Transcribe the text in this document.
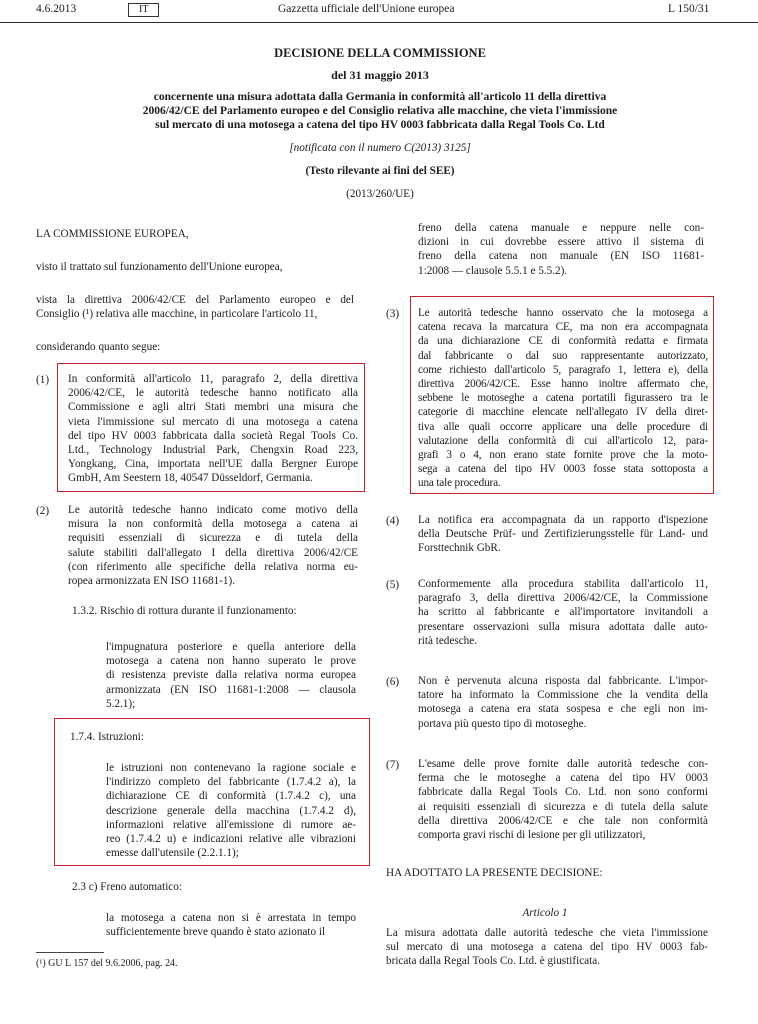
4.6.2013	IT	Gazzetta ufficiale dell'Unione europea	L 150/31
DECISIONE DELLA COMMISSIONE
del 31 maggio 2013
concernente una misura adottata dalla Germania in conformità all'articolo 11 della direttiva
2006/42/CE del Parlamento europeo e del Consiglio relativa alle macchine, che vieta l'immissione
sul mercato di una motosega a catena del tipo HV 0003 fabbricata dalla Regal Tools Co. Ltd
[notificata con il numero C(2013) 3125]
(Testo rilevante ai fini del SEE)
(2013/260/UE)
LA COMMISSIONE EUROPEA,
visto il trattato sul funzionamento dell'Unione europea,
vista la direttiva 2006/42/CE del Parlamento europeo e del
Consiglio (¹) relativa alle macchine, in particolare l'articolo 11,
considerando quanto segue:
(1) In conformità all'articolo 11, paragrafo 2, della direttiva
2006/42/CE, le autorità tedesche hanno notificato alla
Commissione e agli altri Stati membri una misura che
vieta l'immissione sul mercato di una motosega a catena
del tipo HV 0003 fabbricata dalla società Regal Tools Co.
Ltd., Technology Industrial Park, Chengxin Road 223,
Yongkang, Cina, importata nell'UE dalla Bergner Europe
GmbH, Am Seestern 18, 40547 Düsseldorf, Germania.
(2) Le autorità tedesche hanno indicato come motivo della
misura la non conformità della motosega a catena ai
requisiti essenziali di sicurezza e di tutela della
salute stabiliti dall'allegato I della direttiva 2006/42/CE
(con riferimento alle specifiche della relativa norma eu-
ropea armonizzata EN ISO 11681-1).
1.3.2. Rischio di rottura durante il funzionamento:
l'impugnatura posteriore e quella anteriore della
motosega a catena non hanno superato le prove
di resistenza previste dalla relativa norma europea
armonizzata (EN ISO 11681-1:2008 — clausola
5.2.1);
1.7.4. Istruzioni:
le istruzioni non contenevano la ragione sociale e
l'indirizzo completo del fabbricante (1.7.4.2 a), la
dichiarazione CE di conformità (1.7.4.2 c), una
descrizione generale della macchina (1.7.4.2 d),
informazioni relative all'emissione di rumore ae-
reo (1.7.4.2 u) e indicazioni relative alle vibrazioni
emesse dall'utensile (2.2.1.1);
2.3 c) Freno automatico:
la motosega a catena non si è arrestata in tempo
sufficientemente breve quando è stato azionato il
(¹) GU L 157 del 9.6.2006, pag. 24.
freno della catena manuale e neppure nelle con-
dizioni in cui dovrebbe essere attivo il sistema di
freno della catena non manuale (EN ISO 11681-
1:2008 — clausole 5.5.1 e 5.5.2).
(3) Le autorità tedesche hanno osservato che la motosega a
catena recava la marcatura CE, ma non era accompagnata
da una dichiarazione CE di conformità redatta e firmata
dal fabbricante o dal suo rappresentante autorizzato,
come richiesto dall'articolo 5, paragrafo 1, lettera e), della
direttiva 2006/42/CE. Esse hanno inoltre affermato che,
sebbene le motoseghe a catena portatili figurassero tra le
categorie di macchine elencate nell'allegato IV della diret-
tiva alle quali occorre applicare una delle procedure di
valutazione della conformità di cui all'articolo 12, para-
grafi 3 o 4, non erano state fornite prove che la moto-
sega a catena del tipo HV 0003 fosse stata sottoposta a
una tale procedura.
(4) La notifica era accompagnata da un rapporto d'ispezione
della Deutsche Prüf- und Zertifizierungsstelle für Land- und
Forsttechnik GbR.
(5) Conformemente alla procedura stabilita dall'articolo 11,
paragrafo 3, della direttiva 2006/42/CE, la Commissione
ha scritto al fabbricante e all'importatore invitandoli a
presentare osservazioni sulla misura adottata dalle auto-
rità tedesche.
(6) Non è pervenuta alcuna risposta dal fabbricante. L'impor-
tatore ha informato la Commissione che la vendita della
motosega a catena era stata sospesa e che egli non im-
portava più questo tipo di motoseghe.
(7) L'esame delle prove fornite dalle autorità tedesche con-
ferma che le motoseghe a catena del tipo HV 0003
fabbricate dalla Regal Tools Co. Ltd. non sono conformi
ai requisiti essenziali di sicurezza e di tutela della salute
della direttiva 2006/42/CE e che tale non conformità
comporta gravi rischi di lesione per gli utilizzatori,
HA ADOTTATO LA PRESENTE DECISIONE:
Articolo 1
La misura adottata dalle autorità tedesche che vieta l'immissione
sul mercato di una motosega a catena del tipo HV 0003 fab-
bricata dalla Regal Tools Co. Ltd. è giustificata.
